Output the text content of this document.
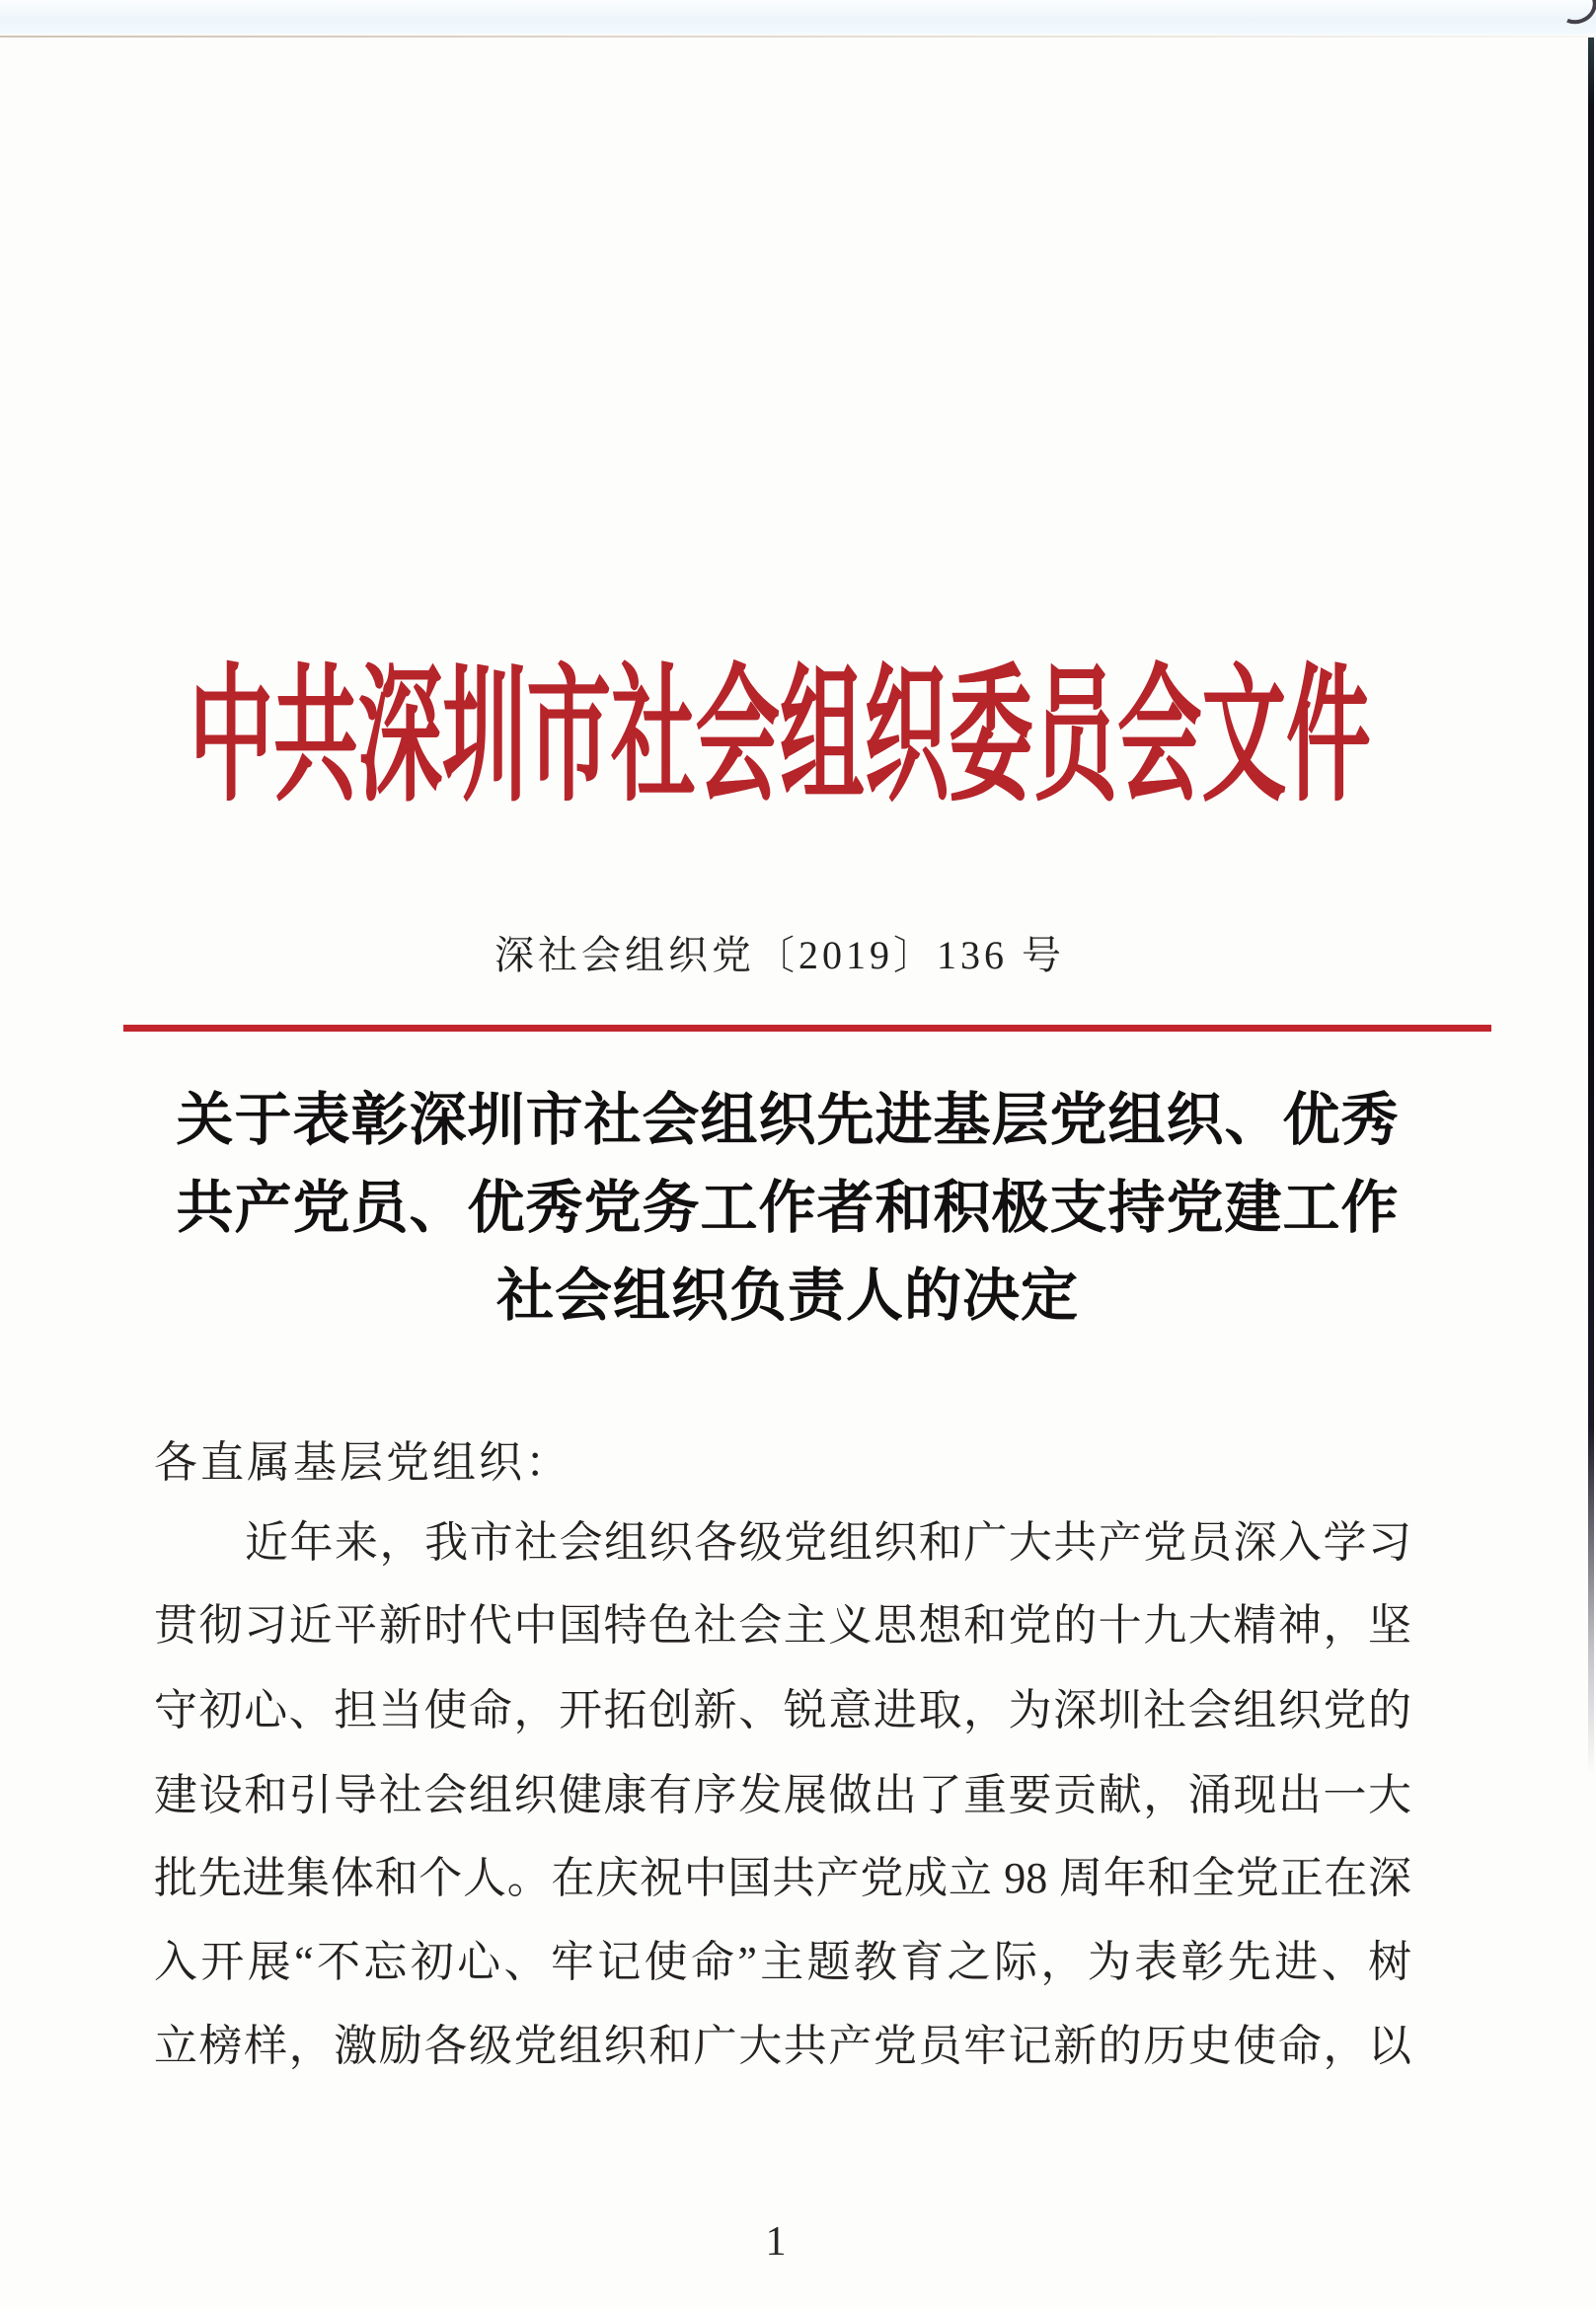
中共深圳市社会组织委员会文件
深社会组织党〔2019〕136 号
关于表彰深圳市社会组织先进基层党组织、优秀
共产党员、优秀党务工作者和积极支持党建工作
社会组织负责人的决定
各直属基层党组织：
近年来，我市社会组织各级党组织和广大共产党员深入学习
贯彻习近平新时代中国特色社会主义思想和党的十九大精神，坚
守初心、担当使命，开拓创新、锐意进取，为深圳社会组织党的
建设和引导社会组织健康有序发展做出了重要贡献，涌现出一大
批先进集体和个人。在庆祝中国共产党成立 98 周年和全党正在深
入开展“不忘初心、牢记使命”主题教育之际，为表彰先进、树
立榜样，激励各级党组织和广大共产党员牢记新的历史使命，以
1
